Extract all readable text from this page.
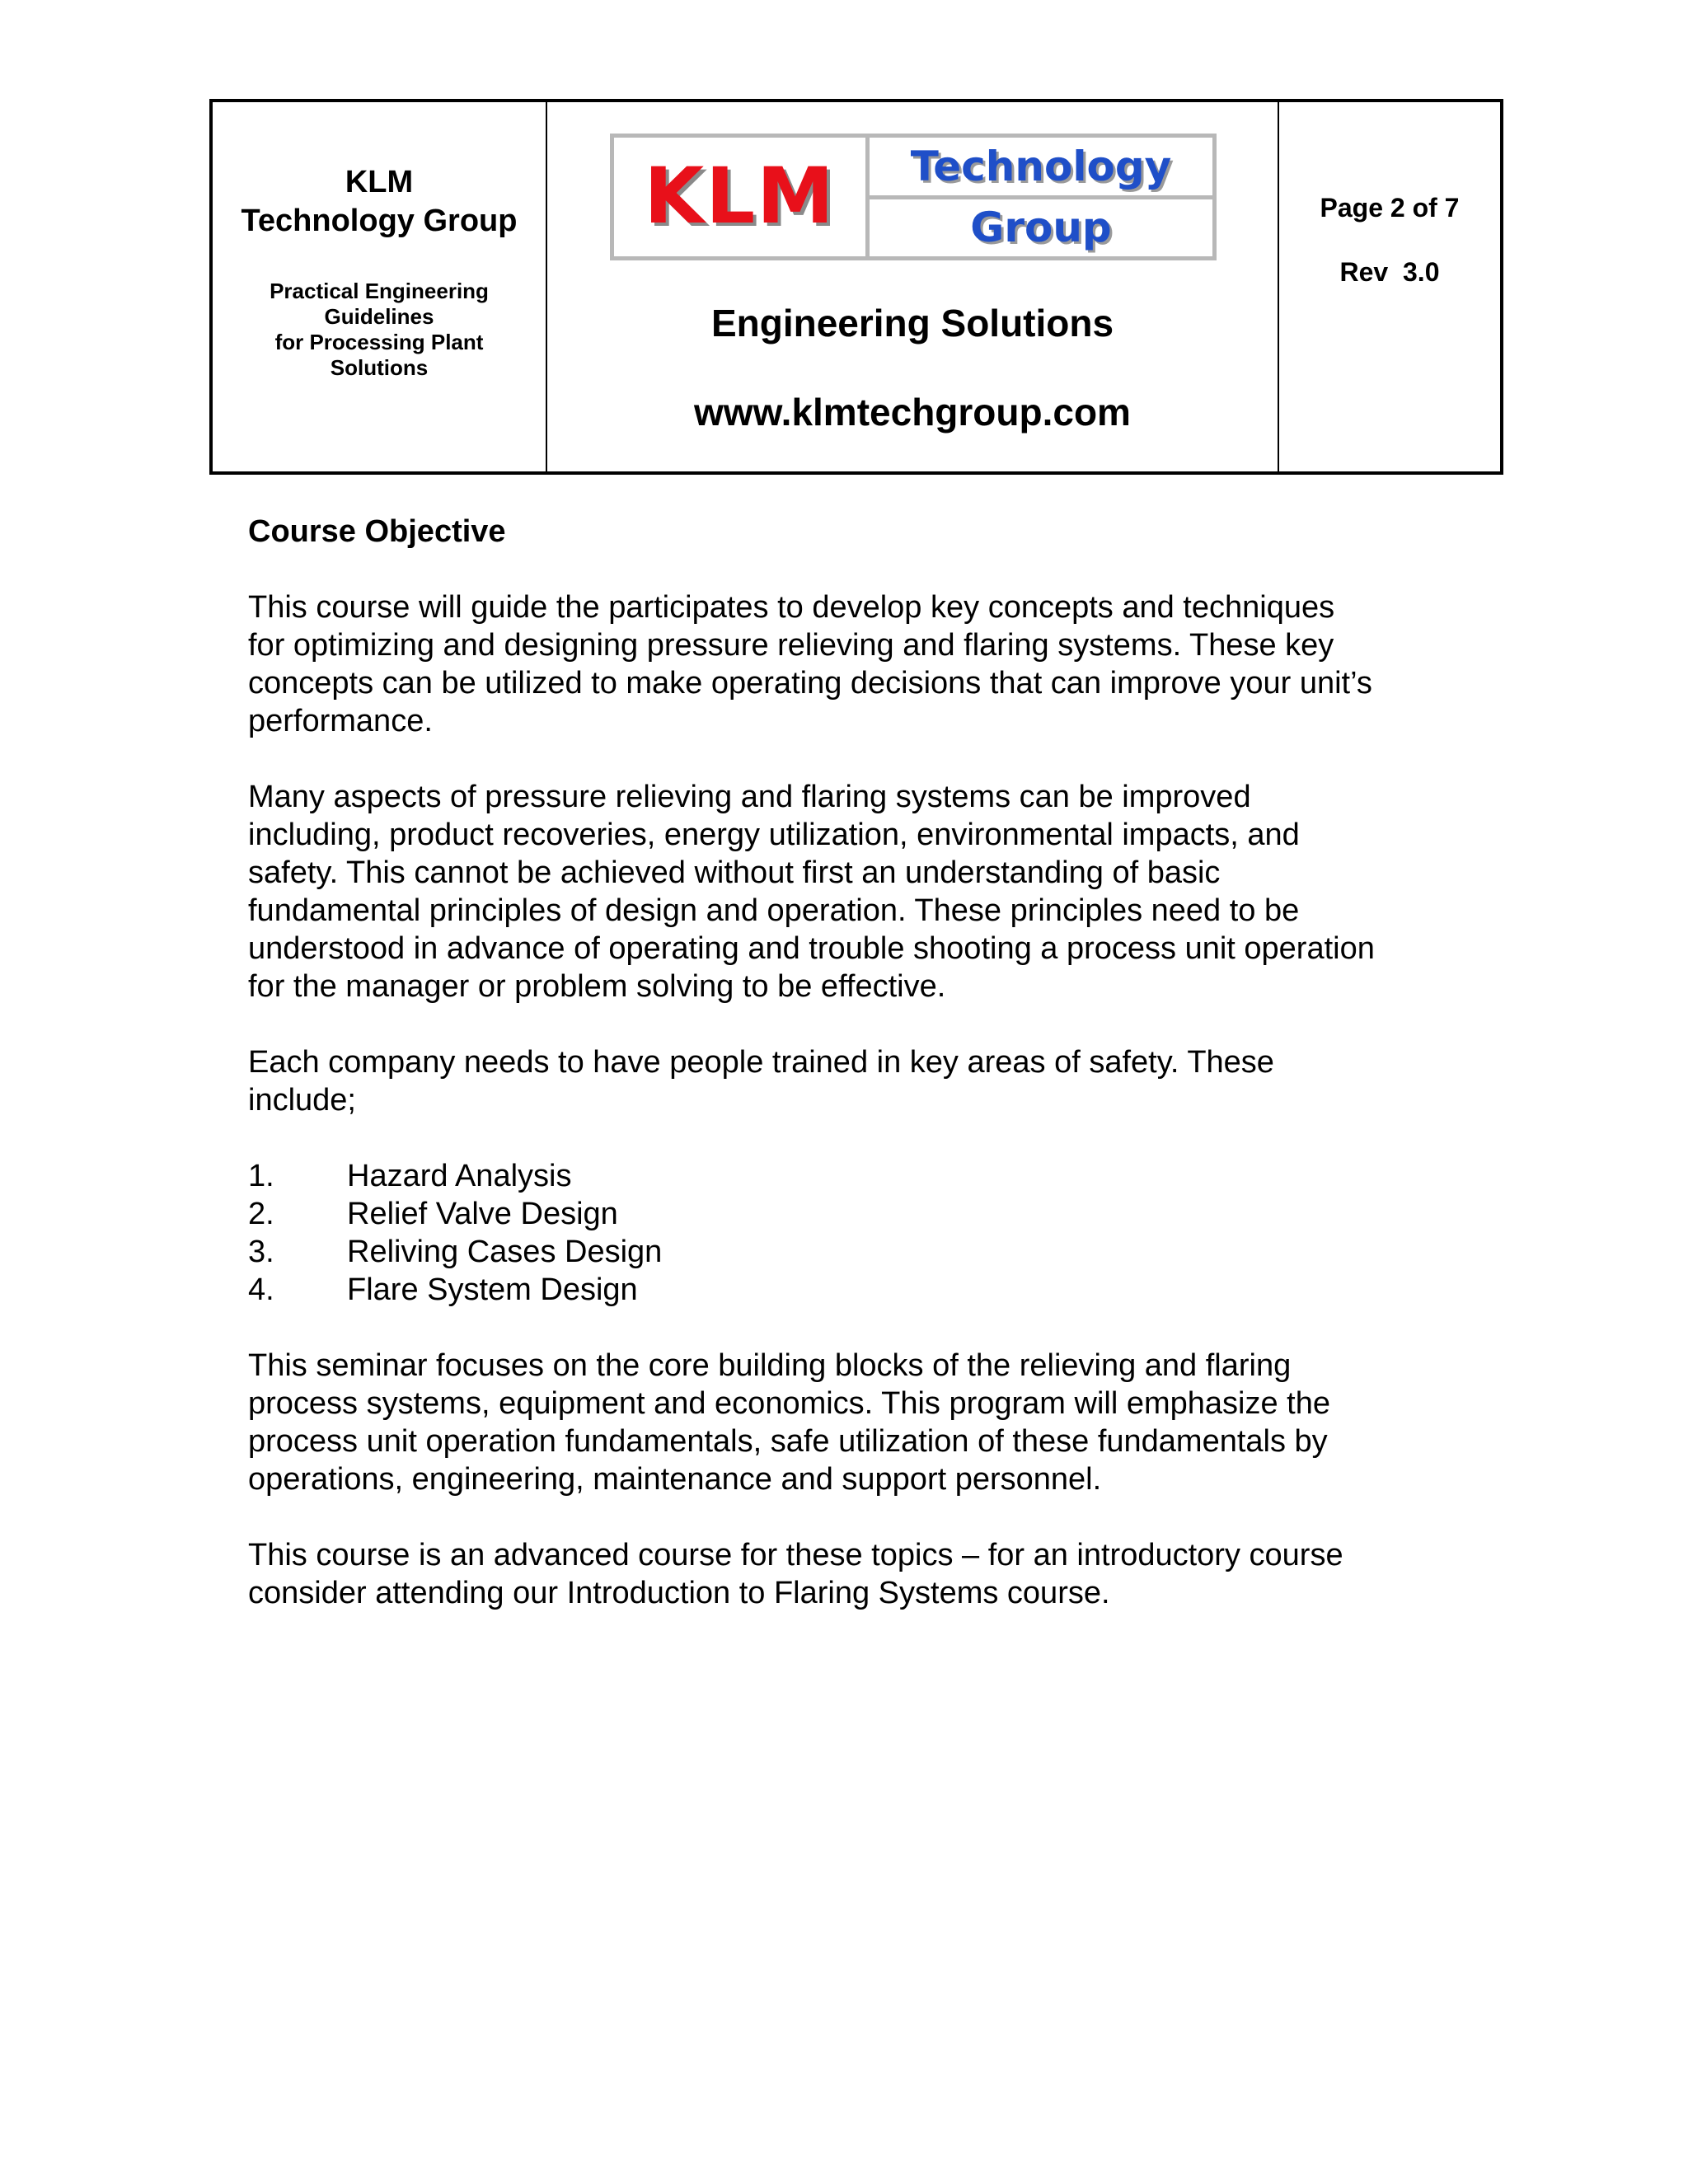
KLM
Technology Group
Practical Engineering
Guidelines
for Processing Plant
Solutions
KLM	Technology
Group
Engineering Solutions
www.klmtechgroup.com
Page 2 of 7
Rev  3.0
Course Objective
This course will guide the participates to develop key concepts and techniques
for optimizing and designing pressure relieving and flaring systems. These key
concepts can be utilized to make operating decisions that can improve your unit’s
performance.
Many aspects of pressure relieving and flaring systems can be improved
including, product recoveries, energy utilization, environmental impacts, and
safety. This cannot be achieved without first an understanding of basic
fundamental principles of design and operation. These principles need to be
understood in advance of operating and trouble shooting a process unit operation
for the manager or problem solving to be effective.
Each company needs to have people trained in key areas of safety. These
include;
1.	Hazard Analysis
2.	Relief Valve Design
3.	Reliving Cases Design
4.	Flare System Design
This seminar focuses on the core building blocks of the relieving and flaring
process systems, equipment and economics. This program will emphasize the
process unit operation fundamentals, safe utilization of these fundamentals by
operations, engineering, maintenance and support personnel.
This course is an advanced course for these topics – for an introductory course
consider attending our Introduction to Flaring Systems course.
